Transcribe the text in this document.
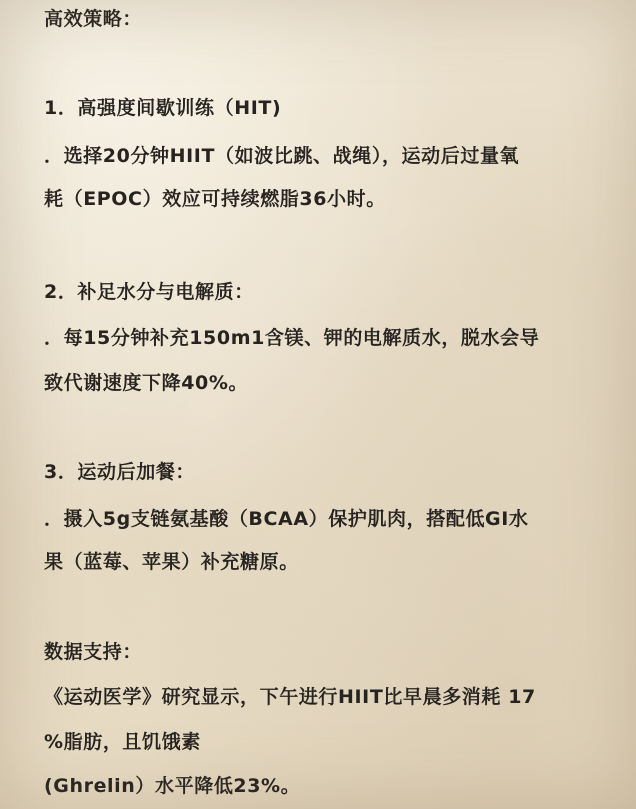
高效策略：

1．高强度间歇训练（HIT)

．选择20分钟HIIT（如波比跳、战绳），运动后过量氧

耗（EPOC）效应可持续燃脂36小时。

2．补足水分与电解质：

．每15分钟补充150m1含镁、钾的电解质水，脱水会导

致代谢速度下降40%。

3．运动后加餐：

．摄入5g支链氨基酸（BCAA）保护肌肉，搭配低GI水

果（蓝莓、苹果）补充糖原。

数据支持：

《运动医学》研究显示，下午进行HIIT比早晨多消耗 17

%脂肪，且饥饿素

(Ghrelin）水平降低23%。
